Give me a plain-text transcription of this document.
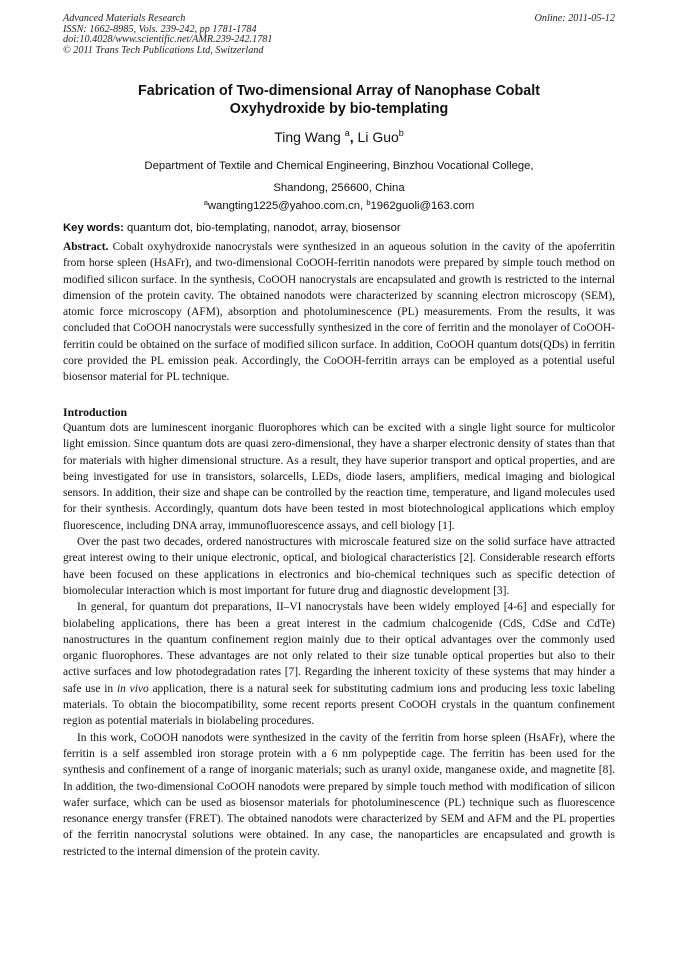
Advanced Materials Research
ISSN: 1662-8985, Vols. 239-242, pp 1781-1784
doi:10.4028/www.scientific.net/AMR.239-242.1781
© 2011 Trans Tech Publications Ltd, Switzerland
Online: 2011-05-12
Fabrication of Two-dimensional Array of Nanophase Cobalt
Oxyhydroxide by bio-templating
Ting Wang $^a$, Li Guo$^b$
Department of Textile and Chemical Engineering, Binzhou Vocational College,
Shandong, 256600, China
$^a$wangting1225@yahoo.com.cn, $^b$1962guoli@163.com
Key words: quantum dot, bio-templating, nanodot, array, biosensor
Abstract. Cobalt oxyhydroxide nanocrystals were synthesized in an aqueous solution in the cavity of the apoferritin from horse spleen (HsAFr), and two-dimensional CoOOH-ferritin nanodots were prepared by simple touch method on modified silicon surface. In the synthesis, CoOOH nanocrystals are encapsulated and growth is restricted to the internal dimension of the protein cavity. The obtained nanodots were characterized by scanning electron microscopy (SEM), atomic force microscopy (AFM), absorption and photoluminescence (PL) measurements. From the results, it was concluded that CoOOH nanocrystals were successfully synthesized in the core of ferritin and the monolayer of CoOOH-ferritin could be obtained on the surface of modified silicon surface. In addition, CoOOH quantum dots(QDs) in ferritin core provided the PL emission peak. Accordingly, the CoOOH-ferritin arrays can be employed as a potential useful biosensor material for PL technique.
Introduction

Quantum dots are luminescent inorganic fluorophores which can be excited with a single light source for multicolor light emission. Since quantum dots are quasi zero-dimensional, they have a sharper electronic density of states than that for materials with higher dimensional structure. As a result, they have superior transport and optical properties, and are being investigated for use in transistors, solarcells, LEDs, diode lasers, amplifiers, medical imaging and biological sensors. In addition, their size and shape can be controlled by the reaction time, temperature, and ligand molecules used for their synthesis. Accordingly, quantum dots have been tested in most biotechnological applications which employ fluorescence, including DNA array, immunofluorescence assays, and cell biology [1].

Over the past two decades, ordered nanostructures with microscale featured size on the solid surface have attracted great interest owing to their unique electronic, optical, and biological characteristics [2]. Considerable research efforts have been focused on these applications in electronics and bio-chemical techniques such as specific detection of biomolecular interaction which is most important for future drug and diagnostic development [3].

In general, for quantum dot preparations, II–VI nanocrystals have been widely employed [4-6] and especially for biolabeling applications, there has been a great interest in the cadmium chalcogenide (CdS, CdSe and CdTe) nanostructures in the quantum confinement region mainly due to their optical advantages over the commonly used organic fluorophores. These advantages are not only related to their size tunable optical properties but also to their active surfaces and low photodegradation rates [7]. Regarding the inherent toxicity of these systems that may hinder a safe use in in vivo application, there is a natural seek for substituting cadmium ions and producing less toxic labeling materials. To obtain the biocompatibility, some recent reports present CoOOH crystals in the quantum confinement region as potential materials in biolabeling procedures.

In this work, CoOOH nanodots were synthesized in the cavity of the ferritin from horse spleen (HsAFr), where the ferritin is a self assembled iron storage protein with a 6 nm polypeptide cage. The ferritin has been used for the synthesis and confinement of a range of inorganic materials; such as uranyl oxide, manganese oxide, and magnetite [8]. In addition, the two-dimensional CoOOH nanodots were prepared by simple touch method with modification of silicon wafer surface, which can be used as biosensor materials for photoluminescence (PL) technique such as fluorescence resonance energy transfer (FRET). The obtained nanodots were characterized by SEM and AFM and the PL properties of the ferritin nanocrystal solutions were obtained. In any case, the nanoparticles are encapsulated and growth is restricted to the internal dimension of the protein cavity.
